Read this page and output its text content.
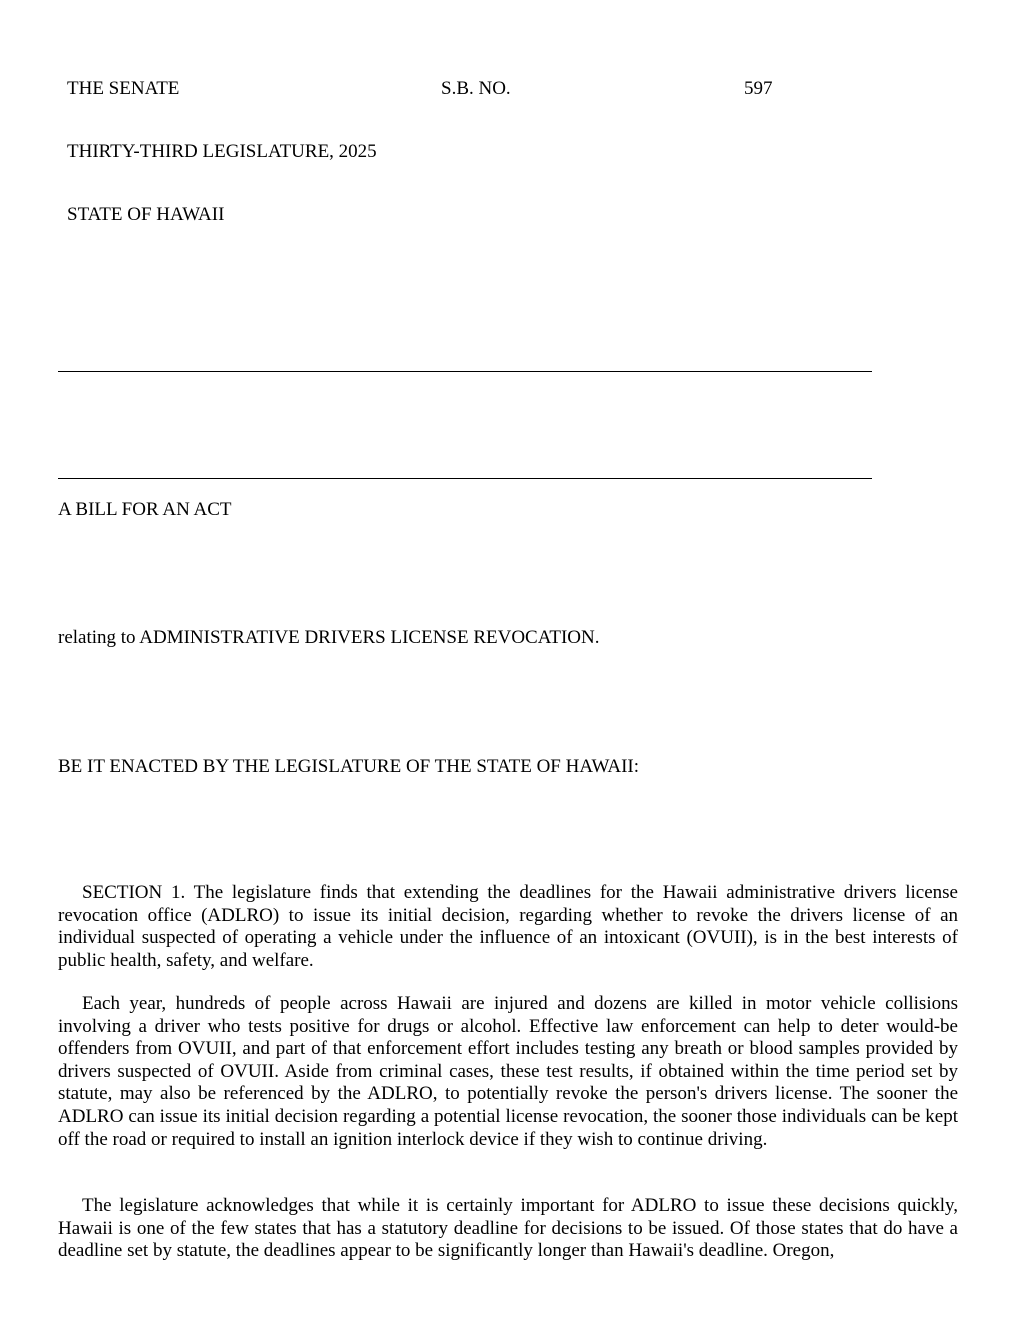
THE SENATE	S.B. NO.	597
THIRTY-THIRD LEGISLATURE, 2025
STATE OF HAWAII
A BILL FOR AN ACT
relating to ADMINISTRATIVE DRIVERS LICENSE REVOCATION.
BE IT ENACTED BY THE LEGISLATURE OF THE STATE OF HAWAII:

SECTION 1. The legislature finds that extending the deadlines for the Hawaii administrative drivers license revocation office (ADLRO) to issue its initial decision, regarding whether to revoke the drivers license of an individual suspected of operating a vehicle under the influence of an intoxicant (OVUII), is in the best interests of public health, safety, and welfare.

Each year, hundreds of people across Hawaii are injured and dozens are killed in motor vehicle collisions involving a driver who tests positive for drugs or alcohol. Effective law enforcement can help to deter would-be offenders from OVUII, and part of that enforcement effort includes testing any breath or blood samples provided by drivers suspected of OVUII. Aside from criminal cases, these test results, if obtained within the time period set by statute, may also be referenced by the ADLRO, to potentially revoke the person's drivers license. The sooner the ADLRO can issue its initial decision regarding a potential license revocation, the sooner those individuals can be kept off the road or required to install an ignition interlock device if they wish to continue driving.

The legislature acknowledges that while it is certainly important for ADLRO to issue these decisions quickly, Hawaii is one of the few states that has a statutory deadline for decisions to be issued. Of those states that do have a deadline set by statute, the deadlines appear to be significantly longer than Hawaii's deadline. Oregon,
